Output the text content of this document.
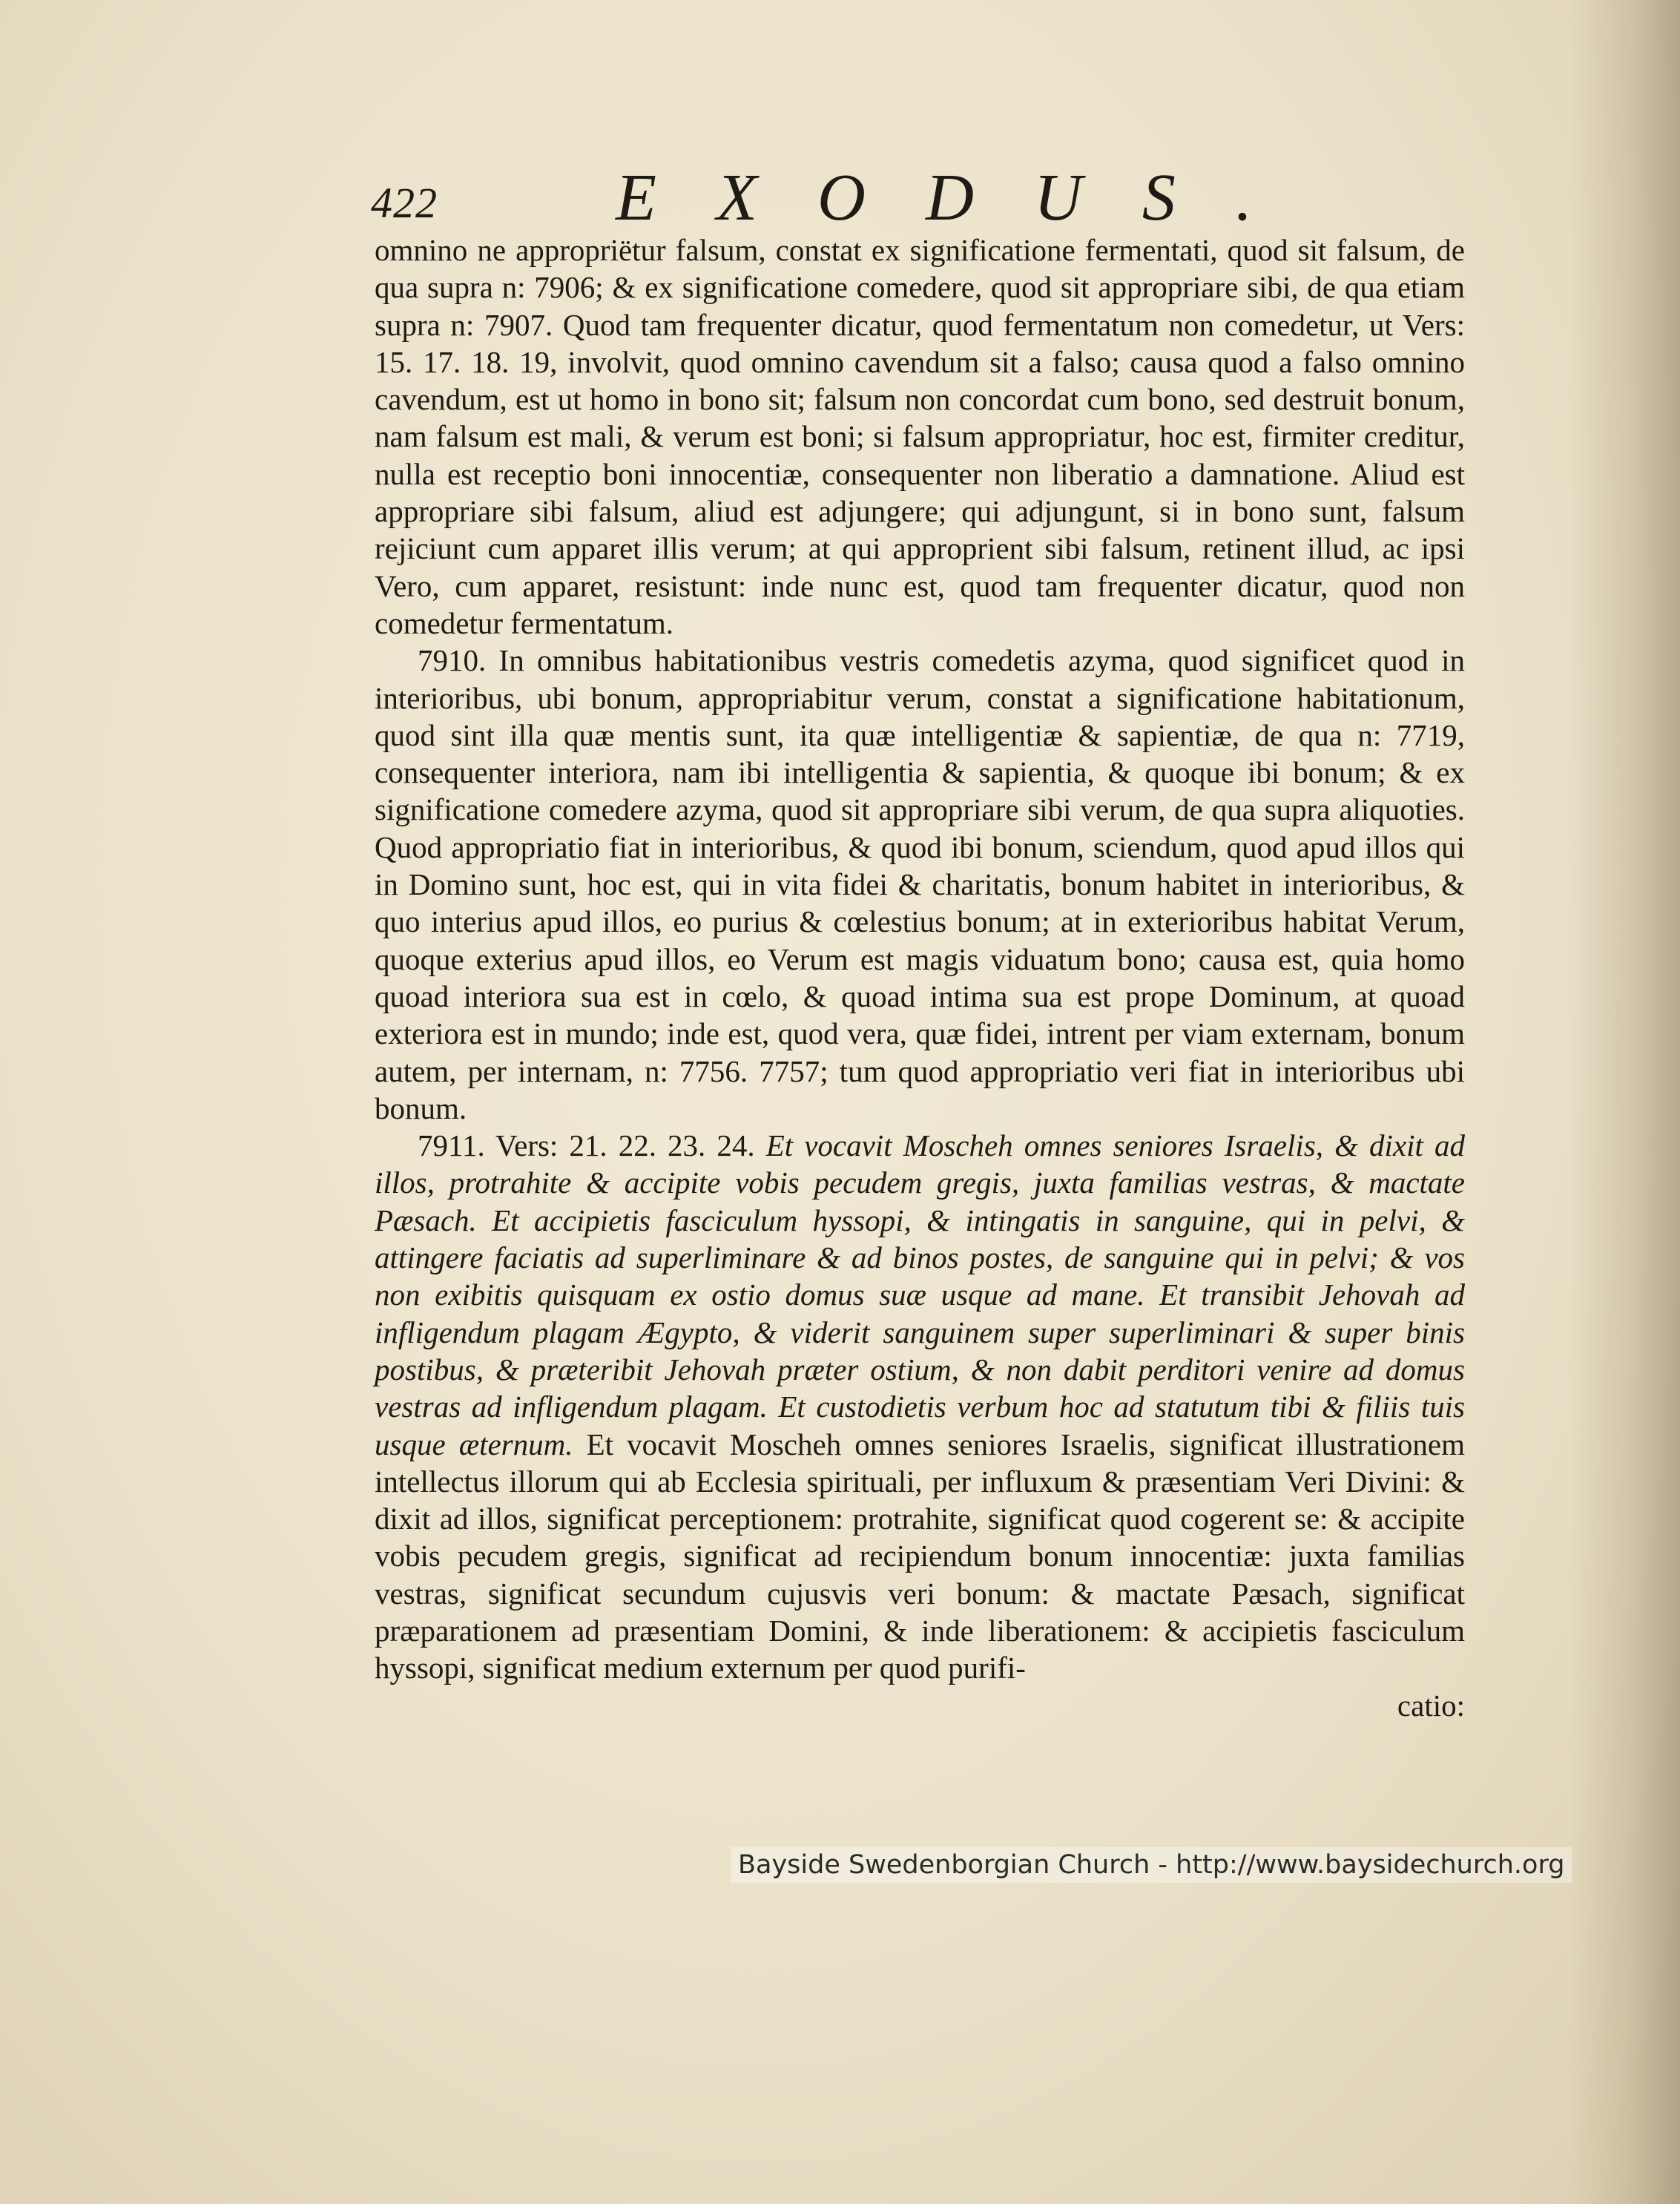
422	EXODUS.

omnino ne appropriëtur falsum, constat ex significatione fermentati, quod sit falsum, de qua supra n: 7906; & ex significatione comedere, quod sit appropriare sibi, de qua etiam supra n: 7907. Quod tam frequenter dicatur, quod fermentatum non comedetur, ut Vers: 15. 17. 18. 19, involvit, quod omnino cavendum sit a falso; causa quod a falso omnino cavendum, est ut homo in bono sit; falsum non concordat cum bono, sed destruit bonum, nam falsum est mali, & verum est boni; si falsum appropriatur, hoc est, firmiter creditur, nulla est receptio boni innocentiæ, consequenter non liberatio a damnatione. Aliud est appropriare sibi falsum, aliud est adjungere; qui adjungunt, si in bono sunt, falsum rejiciunt cum apparet illis verum; at qui approprient sibi falsum, retinent illud, ac ipsi Vero, cum apparet, resistunt: inde nunc est, quod tam frequenter dicatur, quod non comedetur fermentatum.

7910. In omnibus habitationibus vestris comedetis azyma, quod significet quod in interioribus, ubi bonum, appropriabitur verum, constat a significatione habitationum, quod sint illa quæ mentis sunt, ita quæ intelligentiæ & sapientiæ, de qua n: 7719, consequenter interiora, nam ibi intelligentia & sapientia, & quoque ibi bonum; & ex significatione comedere azyma, quod sit appropriare sibi verum, de qua supra aliquoties. Quod appropriatio fiat in interioribus, & quod ibi bonum, sciendum, quod apud illos qui in Domino sunt, hoc est, qui in vita fidei & charitatis, bonum habitet in interioribus, & quo interius apud illos, eo purius & cœlestius bonum; at in exterioribus habitat Verum, quoque exterius apud illos, eo Verum est magis viduatum bono; causa est, quia homo quoad interiora sua est in cœlo, & quoad intima sua est prope Dominum, at quoad exteriora est in mundo; inde est, quod vera, quæ fidei, intrent per viam externam, bonum autem, per internam, n: 7756. 7757; tum quod appropriatio veri fiat in interioribus ubi bonum.

7911. Vers: 21. 22. 23. 24. Et vocavit Moscheh omnes seniores Israelis, & dixit ad illos, protrahite & accipite vobis pecudem gregis, juxta familias vestras, & mactate Pæsach. Et accipietis fasciculum hyssopi, & intingatis in sanguine, qui in pelvi, & attingere faciatis ad superliminare & ad binos postes, de sanguine qui in pelvi; & vos non exibitis quisquam ex ostio domus suæ usque ad mane. Et transibit Jehovah ad infligendum plagam Ægypto, & viderit sanguinem super superliminari & super binis postibus, & præteribit Jehovah præter ostium, & non dabit perditori venire ad domus vestras ad infligendum plagam. Et custodietis verbum hoc ad statutum tibi & filiis tuis usque æternum. Et vocavit Moscheh omnes seniores Israelis, significat illustrationem intellectus illorum qui ab Ecclesia spirituali, per influxum & præsentiam Veri Divini: & dixit ad illos, significat perceptionem: protrahite, significat quod cogerent se: & accipite vobis pecudem gregis, significat ad recipiendum bonum innocentiæ: juxta familias vestras, significat secundum cujusvis veri bonum: & mactate Pæsach, significat præparationem ad præsentiam Domini, & inde liberationem: & accipietis fasciculum hyssopi, significat medium externum per quod purifi-

catio:

Bayside Swedenborgian Church - http://www.baysidechurch.org
